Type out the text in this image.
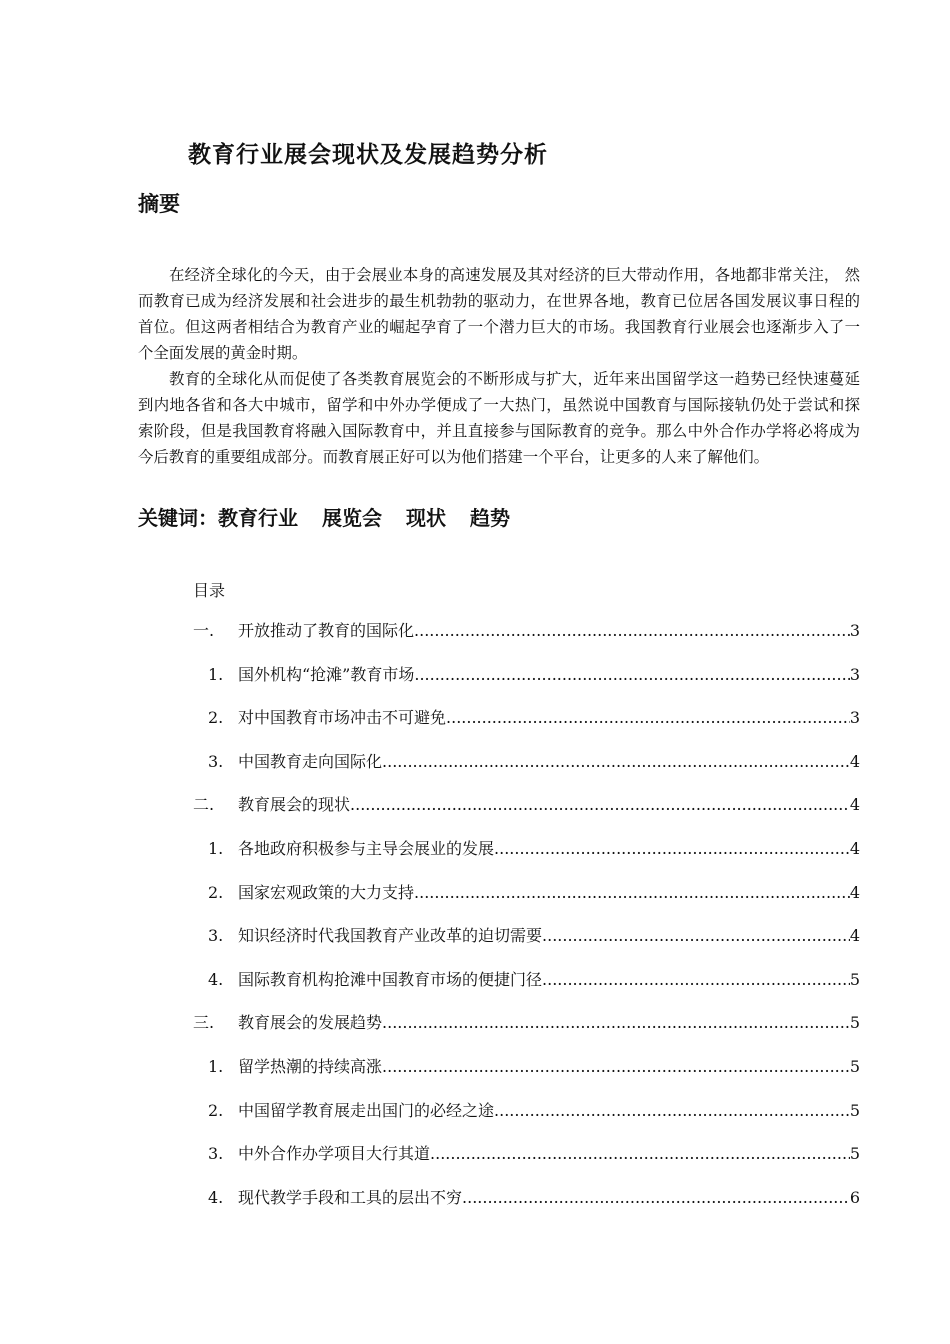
教育行业展会现状及发展趋势分析
摘要

在经济全球化的今天，由于会展业本身的高速发展及其对经济的巨大带动作用，各地都非常关注， 然而教育已成为经济发展和社会进步的最生机勃勃的驱动力，在世界各地，教育已位居各国发展议事日程的首位。但这两者相结合为教育产业的崛起孕育了一个潜力巨大的市场。我国教育行业展会也逐渐步入了一个全面发展的黄金时期。

教育的全球化从而促使了各类教育展览会的不断形成与扩大，近年来出国留学这一趋势已经快速蔓延到内地各省和各大中城市，留学和中外办学便成了一大热门，虽然说中国教育与国际接轨仍处于尝试和探索阶段，但是我国教育将融入国际教育中，并且直接参与国际教育的竞争。那么中外合作办学将必将成为今后教育的重要组成部分。而教育展正好可以为他们搭建一个平台，让更多的人来了解他们。

关键词：教育行业 展览会 现状 趋势
目录
一.	开放推动了教育的国际化 .....	3
1. 国外机构“抢滩”教育市场 .....	3
2. 对中国教育市场冲击不可避免 .....	3
3. 中国教育走向国际化 .....	4
二.	教育展会的现状 .....	4
1. 各地政府积极参与主导会展业的发展 .....	4
2. 国家宏观政策的大力支持 .....	4
3. 知识经济时代我国教育产业改革的迫切需要 .....	4
4. 国际教育机构抢滩中国教育市场的便捷门径 .....	5
三.	教育展会的发展趋势 .....	5
1. 留学热潮的持续高涨 .....	5
2. 中国留学教育展走出国门的必经之途 .....	5
3. 中外合作办学项目大行其道 .....	5
4. 现代教学手段和工具的层出不穷 .....	6
